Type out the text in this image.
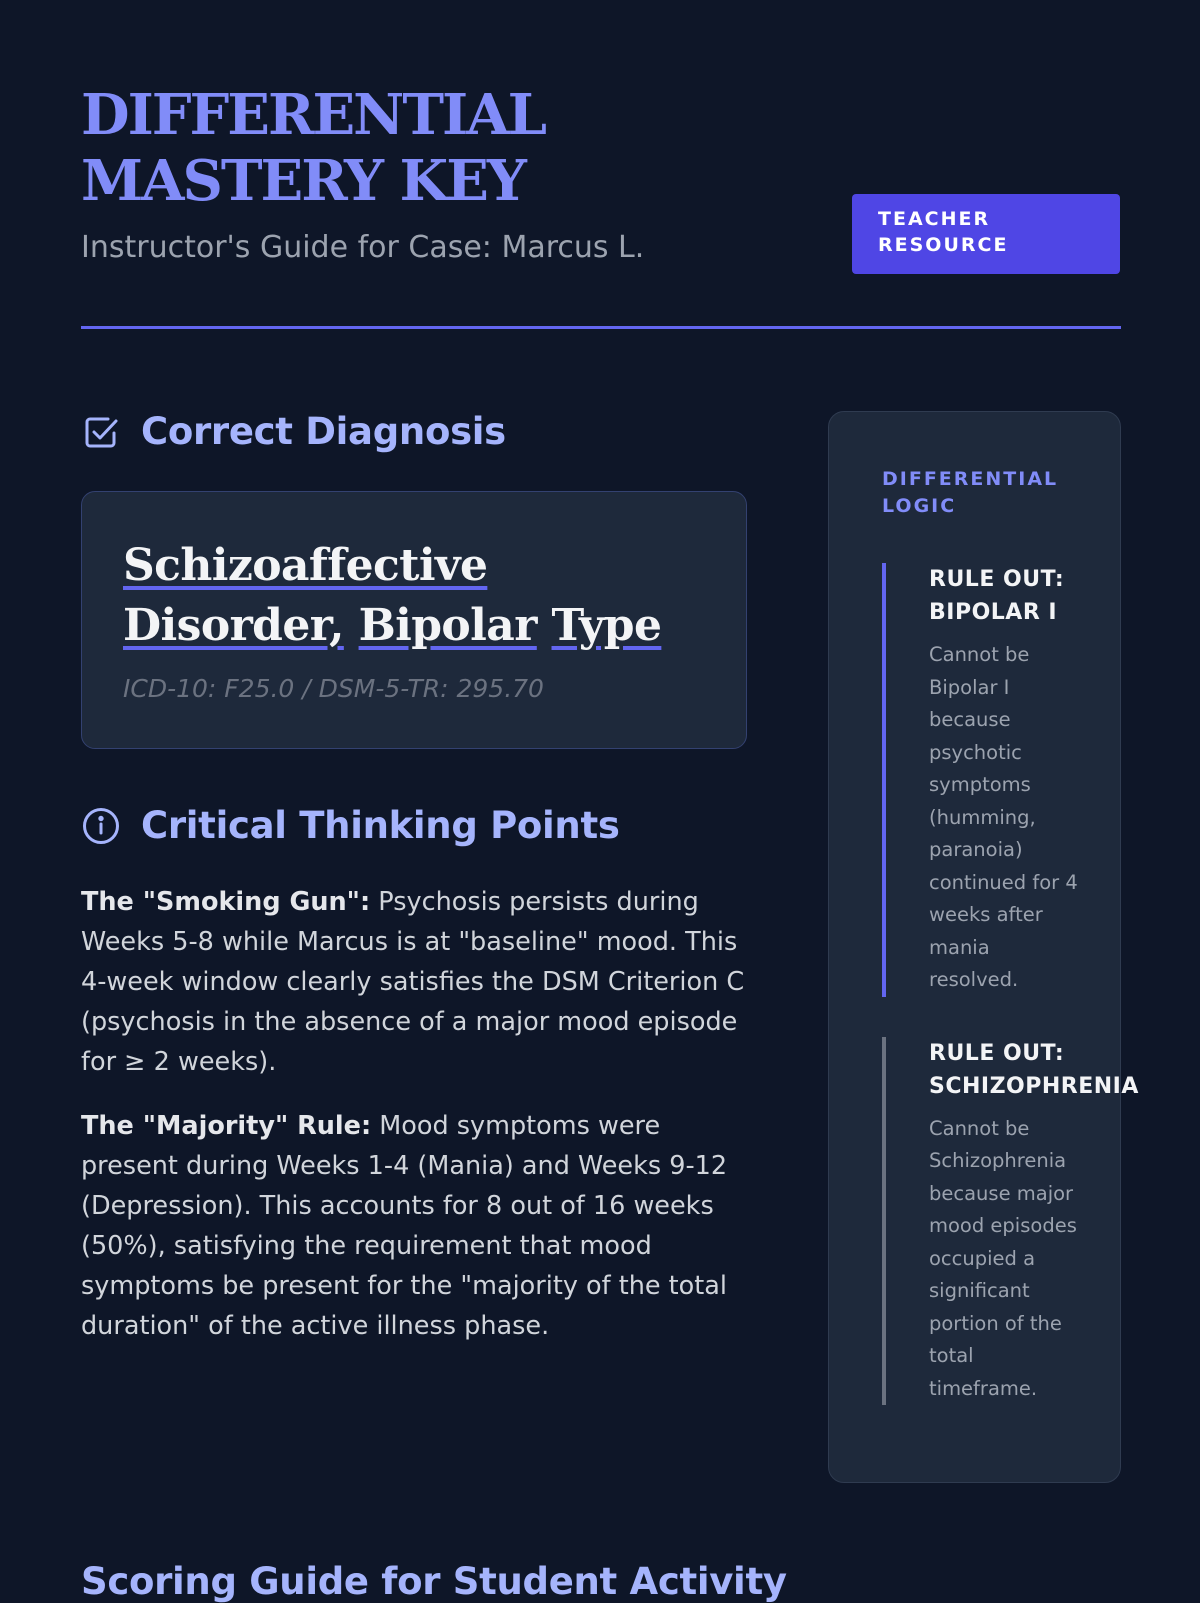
DIFFERENTIAL MASTERY KEY

Instructor's Guide for Case: Marcus L.

TEACHER RESOURCE
Correct Diagnosis
Schizoaffective
Disorder, Bipolar Type

ICD-10: F25.0 / DSM-5-TR: 295.70

Critical Thinking Points

The "Smoking Gun": Psychosis persists during Weeks 5-8 while Marcus is at "baseline" mood. This 4-week window clearly satisfies the DSM Criterion C (psychosis in the absence of a major mood episode for ≥ 2 weeks).

The "Majority" Rule: Mood symptoms were present during Weeks 1-4 (Mania) and Weeks 9-12 (Depression). This accounts for 8 out of 16 weeks (50%), satisfying the requirement that mood symptoms be present for the "majority of the total duration" of the active illness phase.

DIFFERENTIAL LOGIC

RULE OUT:
BIPOLAR I

Cannot be Bipolar I because psychotic symptoms (humming, paranoia) continued for 4 weeks after mania resolved.

RULE OUT:
SCHIZOPHRENIA

Cannot be Schizophrenia because major mood episodes occupied a significant portion of the total timeframe.

Scoring Guide for Student Activity
